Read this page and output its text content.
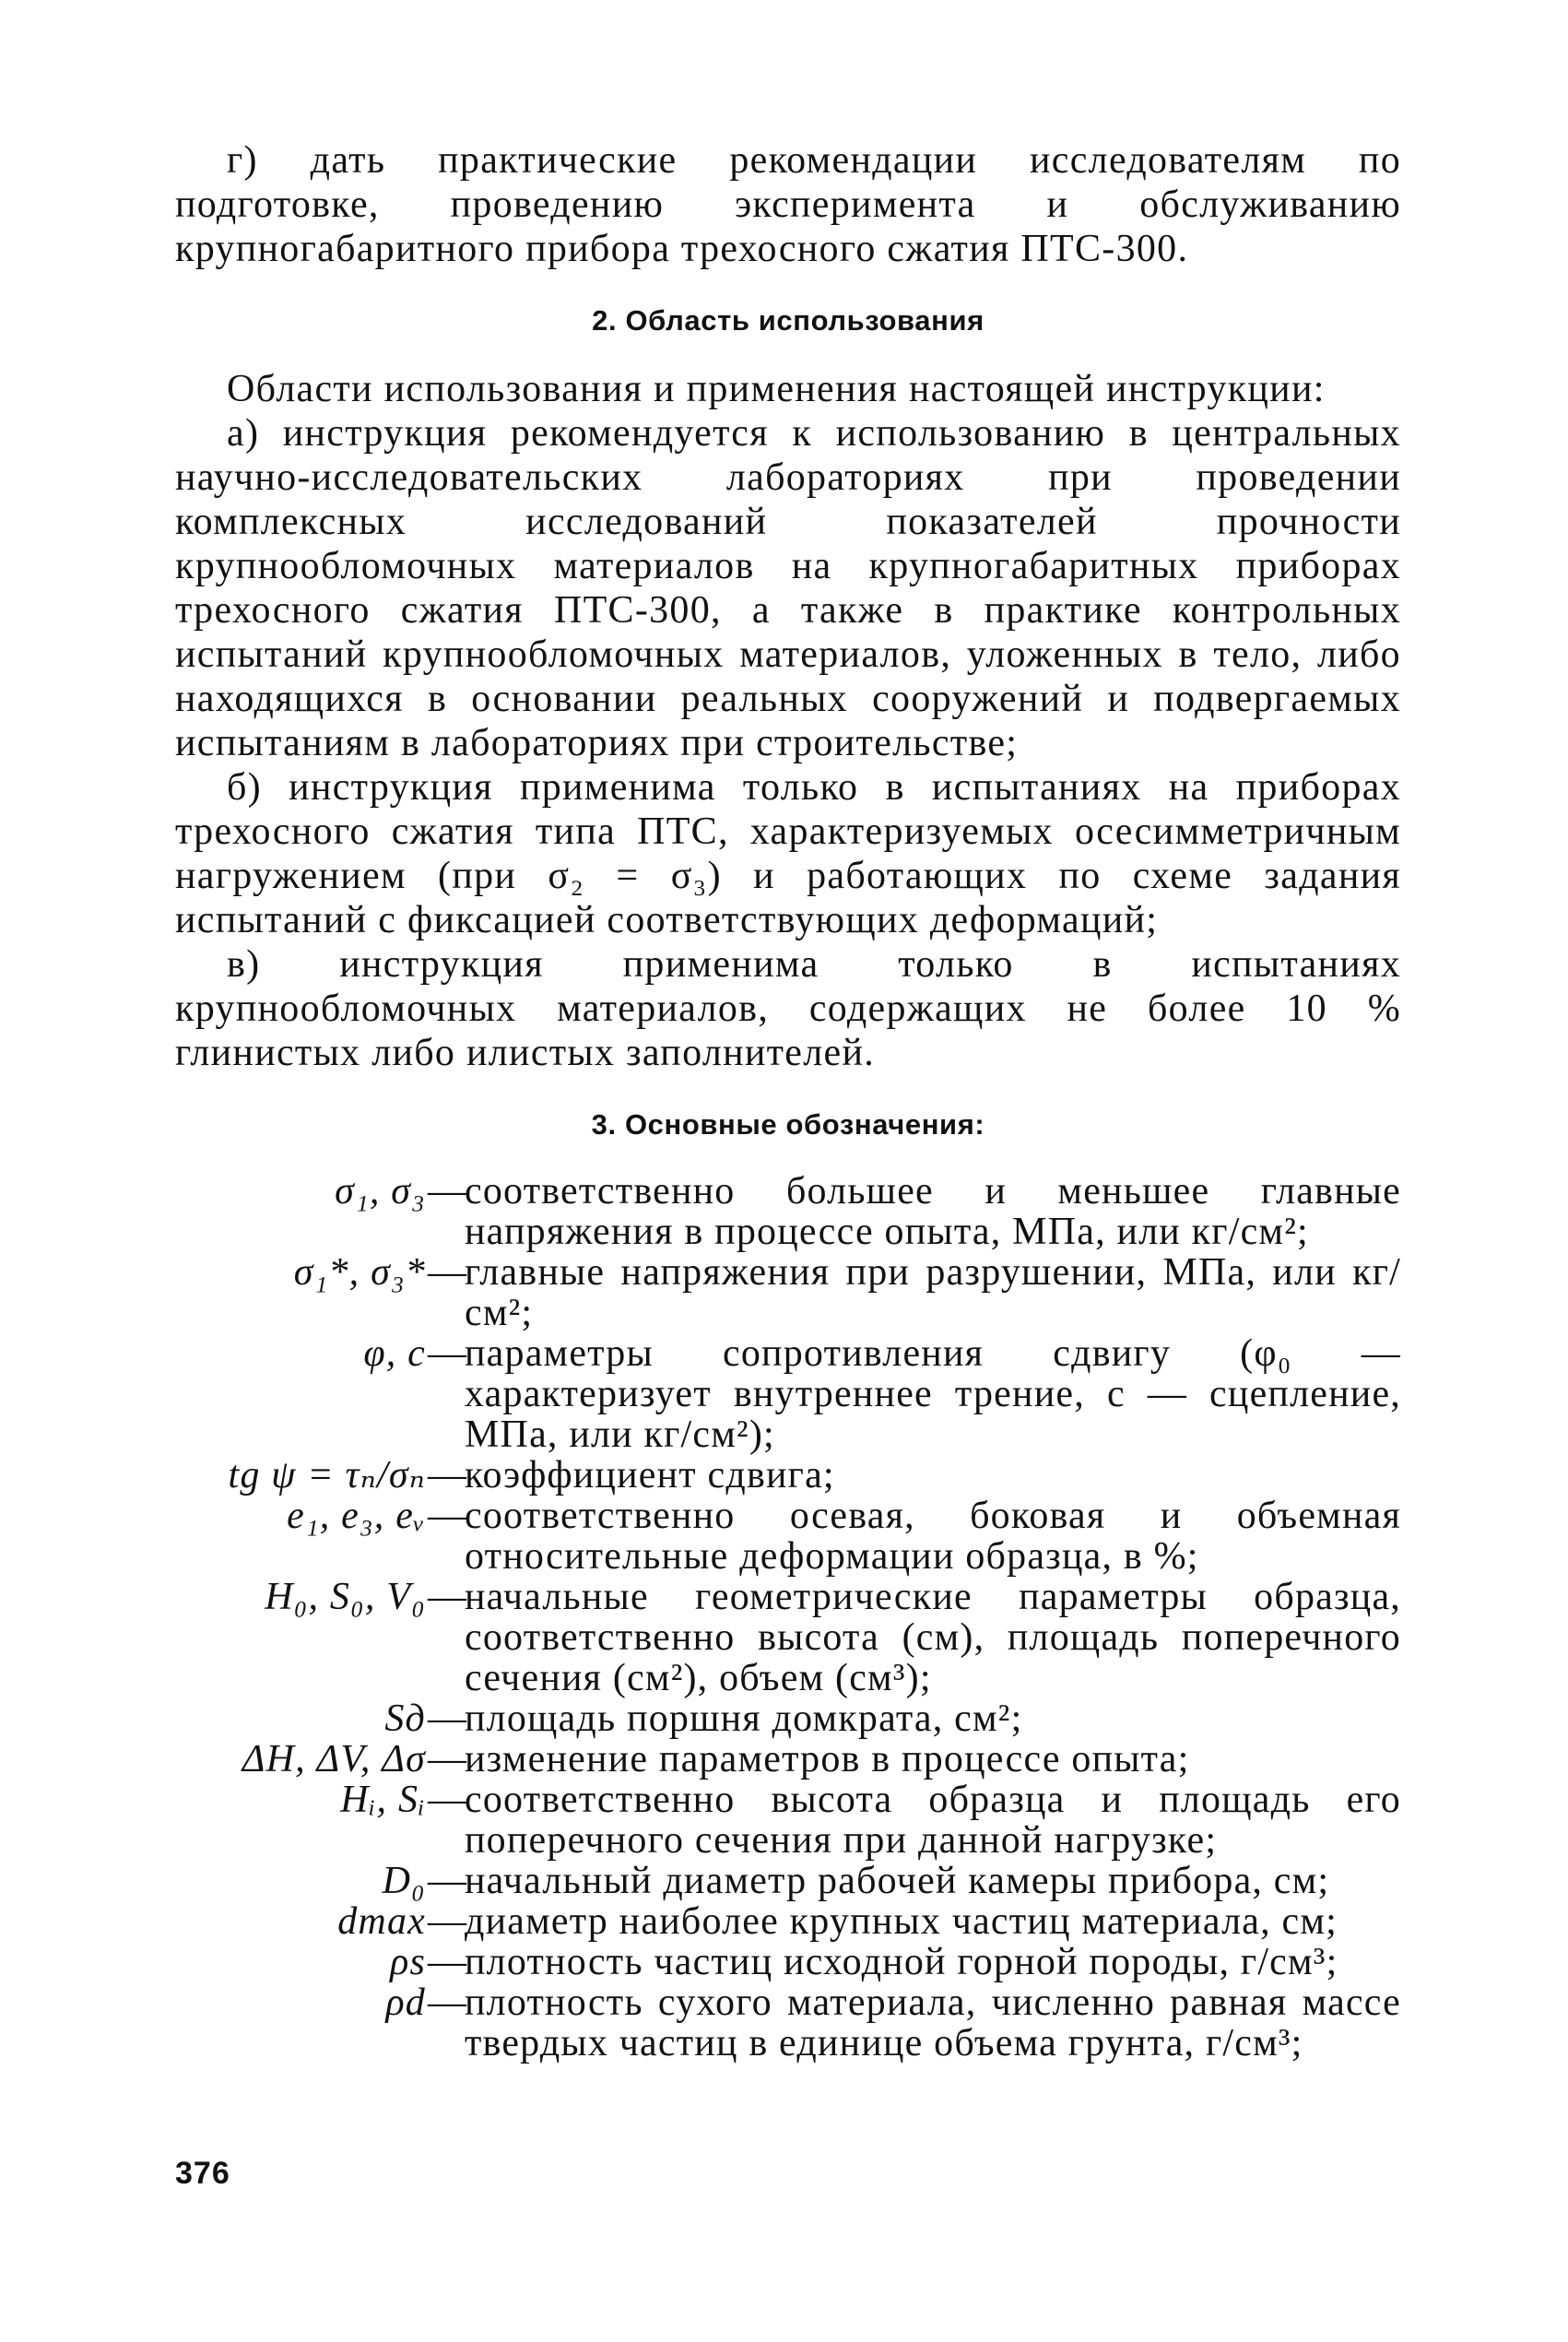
г) дать практические рекомендации исследователям по подготовке, проведению эксперимента и обслуживанию крупногабаритного прибора трехосного сжатия ПТС-300.

2. Область использования

Области использования и применения настоящей инструкции:

а) инструкция рекомендуется к использованию в центральных научно-исследовательских лабораториях при проведении комплексных исследований показателей прочности крупнообломочных материалов на крупногабаритных приборах трехосного сжатия ПТС-300, а также в практике контрольных испытаний крупнообломочных материалов, уложенных в тело, либо находящихся в основании реальных сооружений и подвергаемых испытаниям в лабораториях при строительстве;

б) инструкция применима только в испытаниях на приборах трехосного сжатия типа ПТС, характеризуемых осесимметричным нагружением (при σ₂ = σ₃) и работающих по схеме задания испытаний с фиксацией соответствующих деформаций;

в) инструкция применима только в испытаниях крупнообломочных материалов, содержащих не более 10 % глинистых либо илистых заполнителей.

3. Основные обозначения:
σ₁, σ₃ —
соответственно большее и меньшее главные напряжения в процессе опыта, МПа, или кг/см²;
σ₁*, σ₃* —
главные напряжения при разрушении, МПа, или кг/см²;
φ, c —
параметры сопротивления сдвигу (φ₀ — характеризует внутреннее трение, c — сцепление, МПа, или кг/см²);
tg ψ = τₙ/σₙ —
коэффициент сдвига;
e₁, e₃, eᵥ —
соответственно осевая, боковая и объемная относительные деформации образца, в %;
H₀, S₀, V₀ —
начальные геометрические параметры образца, соответственно высота (см), площадь поперечного сечения (см²), объем (см³);
Sд —
площадь поршня домкрата, см²;
ΔH, ΔV, Δσ —
изменение параметров в процессе опыта;
Hᵢ, Sᵢ —
соответственно высота образца и площадь его поперечного сечения при данной нагрузке;
D₀ —
начальный диаметр рабочей камеры прибора, см;
dmax —
диаметр наиболее крупных частиц материала, см;
ρs —
плотность частиц исходной горной породы, г/см³;
ρd —
плотность сухого материала, численно равная массе твердых частиц в единице объема грунта, г/см³;
376
